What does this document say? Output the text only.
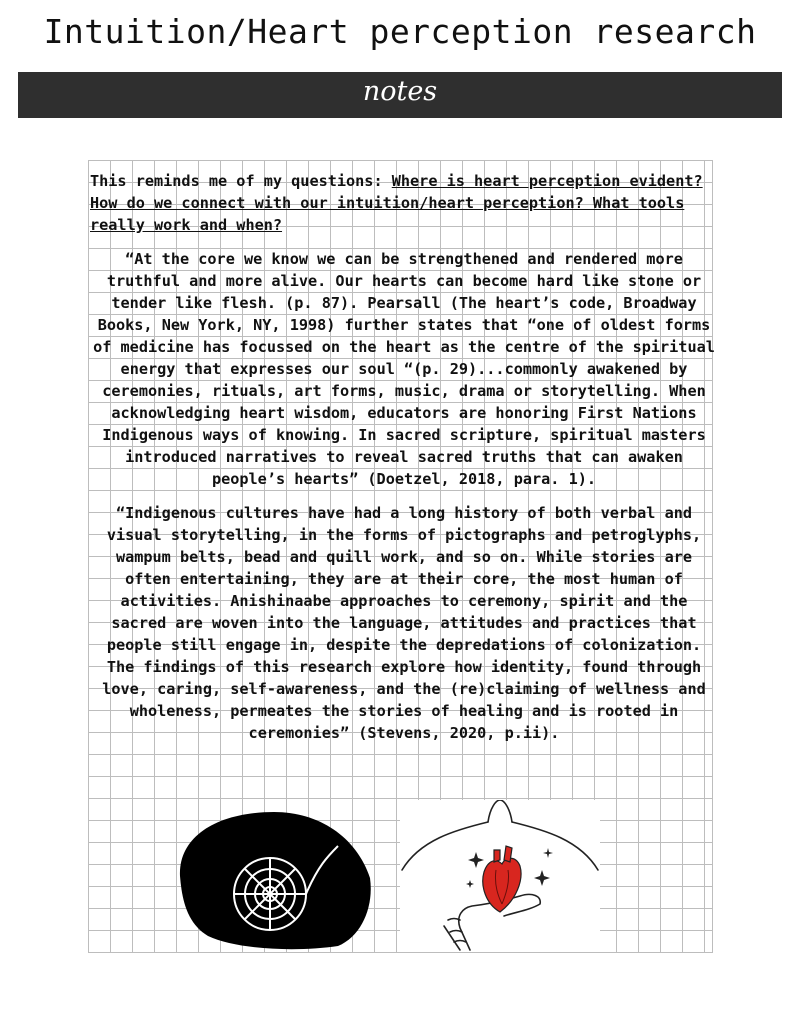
Intuition/Heart perception research
notes

This reminds me of my questions: Where is heart perception evident? How do we connect with our intuition/heart perception? What tools really work and when?

“At the core we know we can be strengthened and rendered more truthful and more alive. Our hearts can become hard like stone or tender like flesh. (p. 87). Pearsall (The heart’s code, Broadway Books, New York, NY, 1998) further states that “one of oldest forms of medicine has focussed on the heart as the centre of the spiritual energy that expresses our soul “(p. 29)...commonly awakened by ceremonies, rituals, art forms, music, drama or storytelling. When acknowledging heart wisdom, educators are honoring First Nations Indigenous ways of knowing. In sacred scripture, spiritual masters introduced narratives to reveal sacred truths that can awaken people’s hearts” (Doetzel, 2018, para. 1).

“Indigenous cultures have had a long history of both verbal and visual storytelling, in the forms of pictographs and petroglyphs, wampum belts, bead and quill work, and so on. While stories are often entertaining, they are at their core, the most human of activities. Anishinaabe approaches to ceremony, spirit and the sacred are woven into the language, attitudes and practices that people still engage in, despite the depredations of colonization. The findings of this research explore how identity, found through love, caring, self-awareness, and the (re)claiming of wellness and wholeness, permeates the stories of healing and is rooted in ceremonies” (Stevens, 2020, p.ii).
